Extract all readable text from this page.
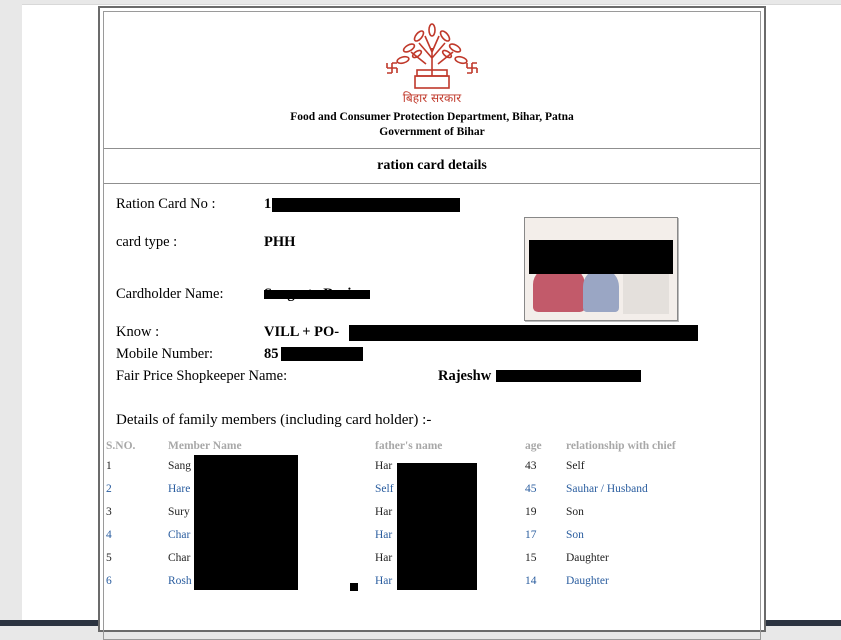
बिहार सरकार
Food and Consumer Protection Department, Bihar, Patna
Government of Bihar
ration card details
Ration Card No :	1
card type :	PHH
Cardholder Name:
Know :	VILL + PO-
Mobile Number:	85
Fair Price Shopkeeper Name:	Rajeshw
Details of family members (including card holder) :-
S.NO.	Member Name	father's name	age	relationship with chief
1	Sang	Har	43	Self
2	Hare	Self	45	Sauhar / Husband
3	Sury	Har	19	Son
4	Char	Har	17	Son
5	Char	Har	15	Daughter
6	Rosh	Har	14	Daughter
